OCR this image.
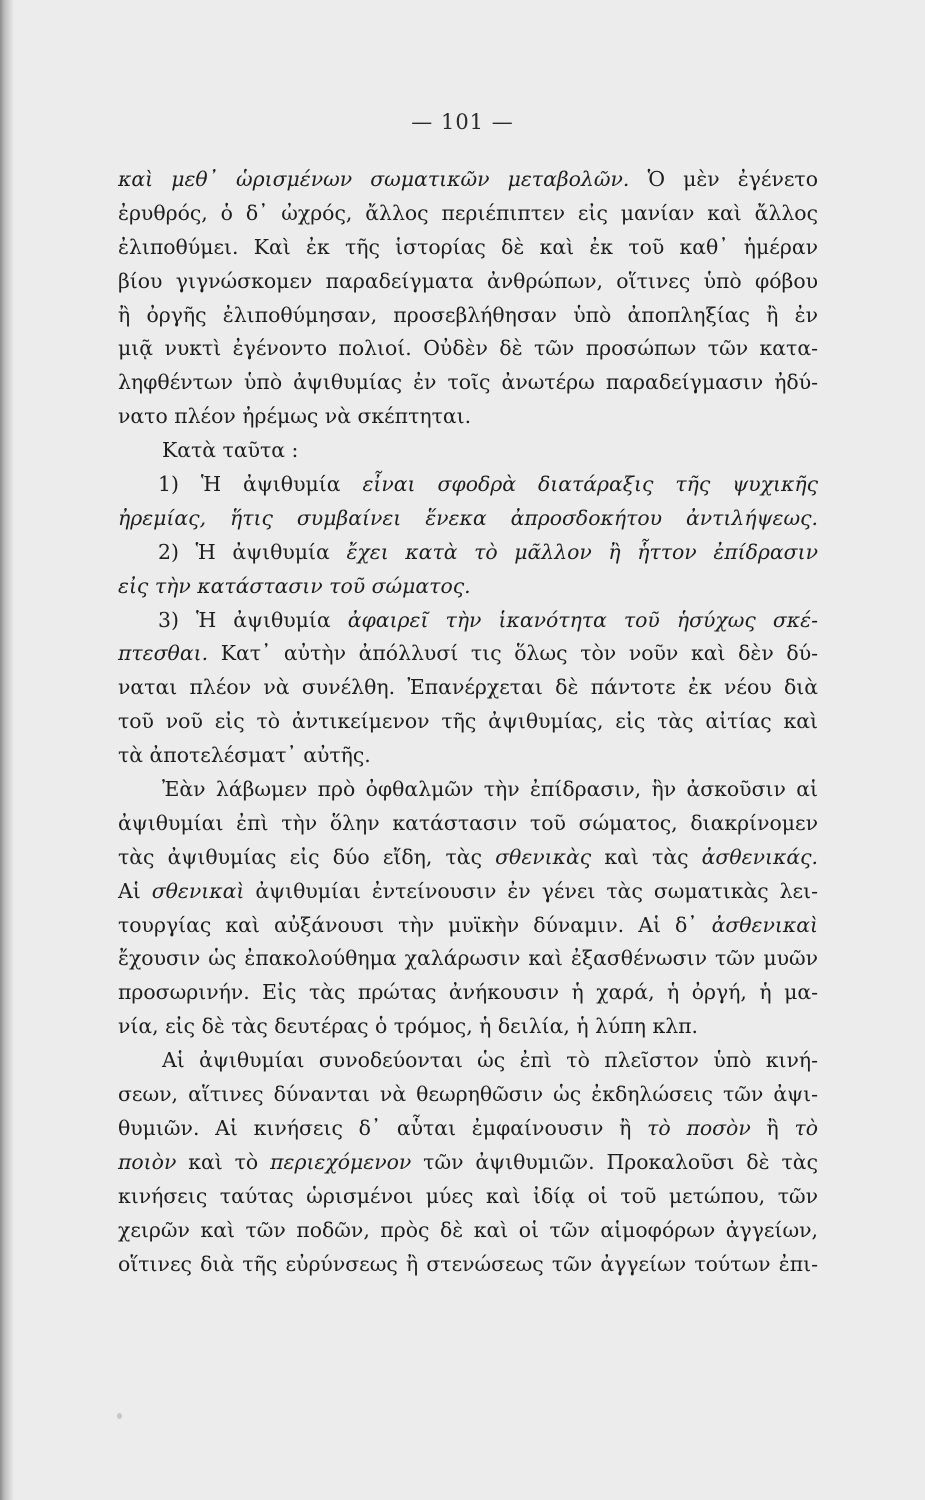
— 101 —
καὶ μεθ᾿ ὡρισμένων σωματικῶν μεταβολῶν. Ὁ μὲν ἐγένετο
ἐρυθρός, ὁ δ᾿ ὠχρός, ἄλλος περιέπιπτεν εἰς μανίαν καὶ ἄλλος
ἐλιποθύμει. Καὶ ἐκ τῆς ἱστορίας δὲ καὶ ἐκ τοῦ καθ᾿ ἡμέραν
βίου γιγνώσκομεν παραδείγματα ἀνθρώπων, οἵτινες ὑπὸ φόβου
ἢ ὀργῆς ἐλιποθύμησαν, προσεβλήθησαν ὑπὸ ἀποπληξίας ἢ ἐν
μιᾷ νυκτὶ ἐγένοντο πολιοί. Οὐδὲν δὲ τῶν προσώπων τῶν κατα-
ληφθέντων ὑπὸ ἀψιθυμίας ἐν τοῖς ἀνωτέρω παραδείγμασιν ἠδύ-
νατο πλέον ἠρέμως νὰ σκέπτηται.
Κατὰ ταῦτα :
1) Ἡ ἀψιθυμία εἶναι σφοδρὰ διατάραξις τῆς ψυχικῆς
ἠρεμίας, ἥτις συμβαίνει ἕνεκα ἀπροσδοκήτου ἀντιλήψεως.
2) Ἡ ἀψιθυμία ἔχει κατὰ τὸ μᾶλλον ἢ ἧττον ἐπίδρασιν
εἰς τὴν κατάστασιν τοῦ σώματος.
3) Ἡ ἀψιθυμία ἀφαιρεῖ τὴν ἱκανότητα τοῦ ἡσύχως σκέ-
πτεσθαι. Κατ᾿ αὐτὴν ἀπόλλυσί τις ὅλως τὸν νοῦν καὶ δὲν δύ-
ναται πλέον νὰ συνέλθη. Ἐπανέρχεται δὲ πάντοτε ἐκ νέου διὰ
τοῦ νοῦ εἰς τὸ ἀντικείμενον τῆς ἀψιθυμίας, εἰς τὰς αἰτίας καὶ
τὰ ἀποτελέσματ᾿ αὐτῆς.
Ἐὰν λάβωμεν πρὸ ὀφθαλμῶν τὴν ἐπίδρασιν, ἣν ἀσκοῦσιν αἱ
ἀψιθυμίαι ἐπὶ τὴν ὅλην κατάστασιν τοῦ σώματος, διακρίνομεν
τὰς ἀψιθυμίας εἰς δύο εἴδη, τὰς σθενικὰς καὶ τὰς ἀσθενικάς.
Αἱ σθενικαὶ ἀψιθυμίαι ἐντείνουσιν ἐν γένει τὰς σωματικὰς λει-
τουργίας καὶ αὐξάνουσι τὴν μυϊκὴν δύναμιν. Αἱ δ᾿ ἀσθενικαὶ
ἔχουσιν ὡς ἐπακολούθημα χαλάρωσιν καὶ ἐξασθένωσιν τῶν μυῶν
προσωρινήν. Εἰς τὰς πρώτας ἀνήκουσιν ἡ χαρά, ἡ ὀργή, ἡ μα-
νία, εἰς δὲ τὰς δευτέρας ὁ τρόμος, ἡ δειλία, ἡ λύπη κλπ.
Αἱ ἀψιθυμίαι συνοδεύονται ὡς ἐπὶ τὸ πλεῖστον ὑπὸ κινή-
σεων, αἵτινες δύνανται νὰ θεωρηθῶσιν ὡς ἐκδηλώσεις τῶν ἀψι-
θυμιῶν. Αἱ κινήσεις δ᾿ αὗται ἐμφαίνουσιν ἢ τὸ ποσὸν ἢ τὸ
ποιὸν καὶ τὸ περιεχόμενον τῶν ἀψιθυμιῶν. Προκαλοῦσι δὲ τὰς
κινήσεις ταύτας ὡρισμένοι μύες καὶ ἰδίᾳ οἱ τοῦ μετώπου, τῶν
χειρῶν καὶ τῶν ποδῶν, πρὸς δὲ καὶ οἱ τῶν αἱμοφόρων ἀγγείων,
οἵτινες διὰ τῆς εὐρύνσεως ἢ στενώσεως τῶν ἀγγείων τούτων ἐπι-
